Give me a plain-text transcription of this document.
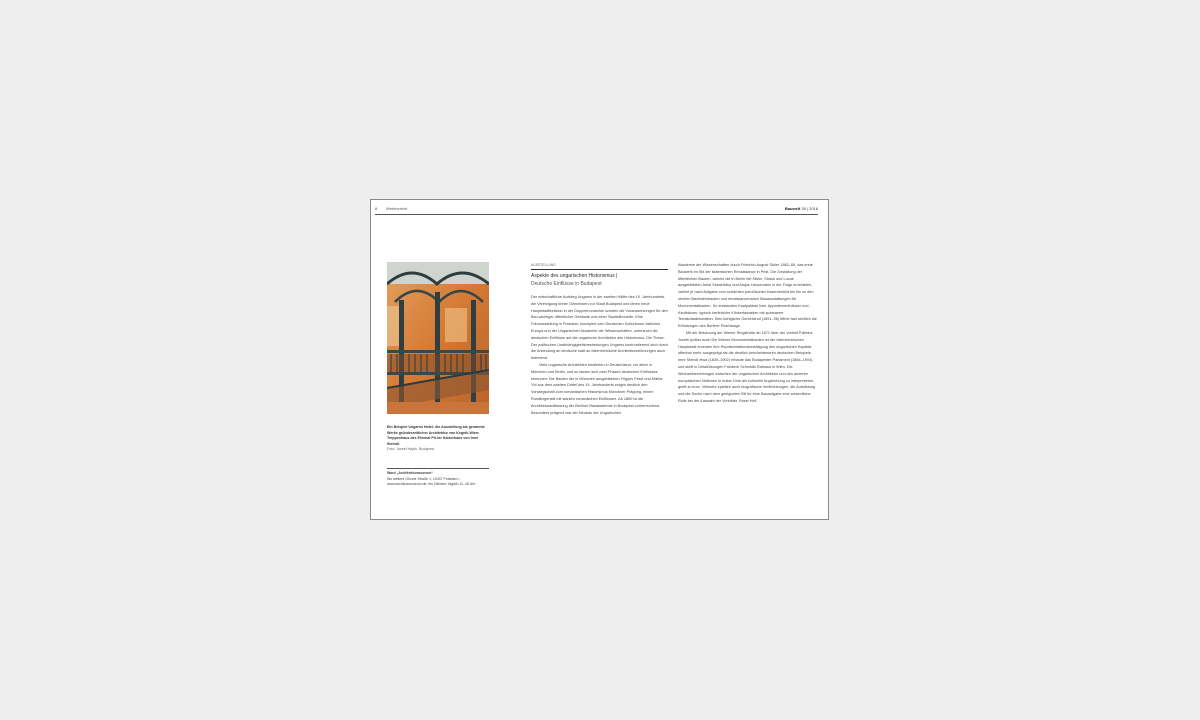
6 Werkbericht	Bauwelt 38 | 2016
Ein Beispiel Ungarns Hotel: die Ausstellung als genannte Werke gründerzeitlicher Architektur von Kegnik-Wien: Treppenhaus des Ehemal Pri-ter Kaiserhaus von Imre Steindl.
Foto: József Hajdu, Budapest
Ward „Architekturmuseum“
Wo weitere Ghzzte Straße 1; 10437 Potsdam • www.aschituzmuseum.de, bis Oktober: täglich 11–18 Uhr
AUSSTELLUNG
Aspekte des ungarischen Historismus |
Deutsche Einflüsse in Budapest

Der wirtschaftliche Aufstieg Ungarns in der zweiten Hälfte des 19. Jahrhunderts, die Vereinigung dreier Gemeinden zur Stadt Budapest und deren neue Hauptstadtfunktion in der Doppelmonarchie schufen die Voraussetzungen für den Bau wichtiger öffentlicher Gebäude und einer Stadtsilhouette. Eine Fotoausstellung in Potsdam, konzipiert vom Deutschen Kulturforum östliches Europa und der Ungarischen Akademie der Wissenschaften, untersucht die deutschen Einflüsse auf die ungarische Architektur des Historismus. Die These: Der politischen Unabhängigkeitsbestrebungen Ungarns konfrontierend sind durch die Anbindung an deutsche statt an österreichische Architekturströmungen auch befreiend.

Viele ungarische Architekten studierten in Deutschland, vor allem in München und Berlin, und so lassen sich zwei Phasen deutschen Einflusses erkennen: Die Bauten der in München ausgebildeten Frigyes Feszl und Miklós Ybl aus dem zweiten Drittel des 19. Jahrhunderts zeigen deutlich den Vorwiegschaft zum romantischen Historismus Münchner Prägung, einem Rundbogenstil mit starken romanischen Einflüssen. Ab 1860 ist die Architekturauffassung der Berliner Bauakademie in Budapest vorherrschend. Besonders prägend war der Neubau der Ungarischen

Akademie der Wissenschaften durch Friedrich August Stüler 1862–65, das erste Bauwerk im Stil der italienischen Renaissance in Pest. Die Gestaltung der öffentlichen Bauten, welche die in Berlin bei Stüler, Strack und Lucae ausgebildeten Antal Szkalnitzky und Alajos Hauszmann in der Folge errichteten, variiert je nach Aufgabe vom schlichten preußischen Kasernenbild bis hin zu den reichen Backsteinbauten und renaissancenahen Bauausstattungen für Monumentalbauten. So entstanden Kaufpaläste bzw. Appartementhäuser und -Kaufhäuser, typisch berlinische Klinkerfassaden mit sparsamer Terrakottadekoration. Sein königliche Gerichtshof (1891–96) öffnet fast wörtlich die Erfindungen des Berliner Reichstags.

Mit der Bebauung der Wiener Ringstraße ab 1871 über der Vorbild Palfeins Josefs Ipoltax auch Die Wiener Monumentalbauten ist der österreichischen Hauptstadt erzeuten ihre Repräsentationsbestätigung des ungarischen Kapitals offenbar mehr ausgeprägt als die deutlich bescheideneren deutschen Beispiele. Imre Steindl etwa (1839–1902) erbaute das Budapester Parlament (1884–1904) und stellt in Detaillösungen Friedrich Schmidts Rathaus in Wien. Die Wechselbeziehungen zwischen der ungarischen Architektur und den anderen europäischen Nationen in erster Linie als kulturelle Angleichung zu interpretieren, greift zu kurz. Vielmehr spielten auch biografische Verflechtungen, die Ausbildung und die Suche nach dem geeigneten Stil für eine Bauaufgabe eine wesentliche Rolle bei der Auswahl der Vorbilder. Rosel Hell
